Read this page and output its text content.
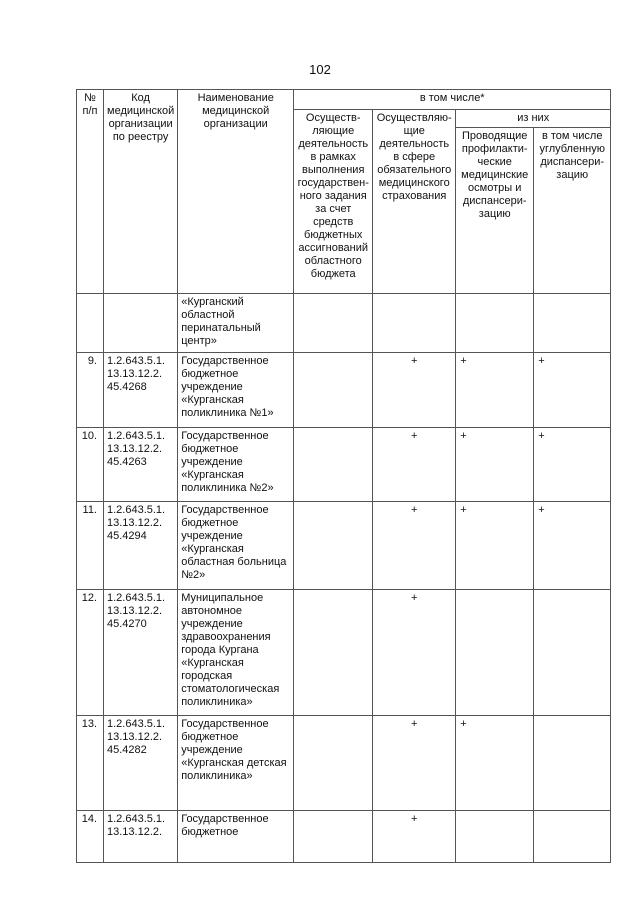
102
№ п/п	Код медицинской организации по реестру	Наименование медицинской организации	в том числе*			
			Осуществ-ляющие деятельность в рамках выполнения государствен-ного задания за счет средств бюджетных ассигнований областного бюджета	Осуществляю-щие деятельность в сфере обязательного медицинского страхования	из них	
					Проводящие профилакти-ческие медицинские осмотры и диспансери-зацию	в том числе углубленную диспансери-зацию
		«Курганский областной перинатальный центр»				
9.	1.2.643.5.1. 13.13.12.2. 45.4268	Государственное бюджетное учреждение «Курганская поликлиника №1»		+	+	+
10.	1.2.643.5.1. 13.13.12.2. 45.4263	Государственное бюджетное учреждение «Курганская поликлиника №2»		+	+	+
11.	1.2.643.5.1. 13.13.12.2. 45.4294	Государственное бюджетное учреждение «Курганская областная больница №2»		+	+	+
12.	1.2.643.5.1. 13.13.12.2. 45.4270	Муниципальное автономное учреждение здравоохранения города Кургана «Курганская городская стоматологическая поликлиника»		+		
13.	1.2.643.5.1. 13.13.12.2. 45.4282	Государственное бюджетное учреждение «Курганская детская поликлиника»		+	+	
14.	1.2.643.5.1. 13.13.12.2.	Государственное бюджетное		+		
